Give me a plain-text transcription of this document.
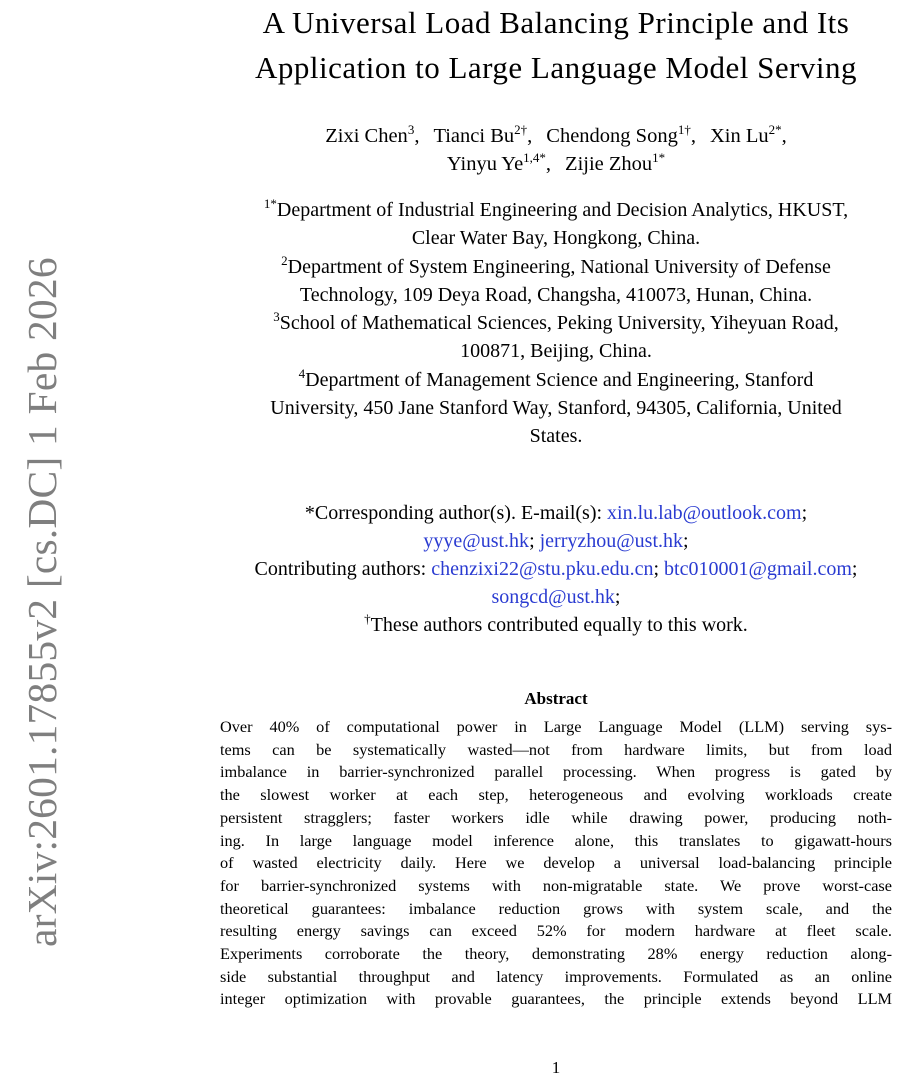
arXiv:2601.17855v2 [cs.DC] 1 Feb 2026
A Universal Load Balancing Principle and Its
Application to Large Language Model Serving
Zixi Chen$^3$, Tianci $Bu^{2\dagger}$, Chendong Song$^{1\dagger}$, Xin $Lu^{2*}$,
Yinyu $Ye^{1,4*}$, Zijie Zhou$^{1*}$
$^{1*}$Department of Industrial Engineering and Decision Analytics, HKUST,
Clear Water Bay, Hongkong, China.
$^2$Department of System Engineering, National University of Defense
Technology, 109 Deya Road, Changsha, 410073, Hunan, China.
$^3$School of Mathematical Sciences, Peking University, Yiheyuan Road,
100871, Beijing, China.
$^4$Department of Management Science and Engineering, Stanford
University, 450 Jane Stanford Way, Stanford, 94305, California, United
States.
*Corresponding author(s). E-mail(s): xin.lu.lab@outlook.com;
yyye@ust.hk; jerryzhou@ust.hk;
Contributing authors: chenzixi22@stu.pku.edu.cn; btc010001@gmail.com;
songcd@ust.hk;
†These authors contributed equally to this work.
Abstract
Over 40% of computational power in Large Language Model (LLM) serving sys-
tems can be systematically wasted—not from hardware limits, but from load
imbalance in barrier-synchronized parallel processing. When progress is gated by
the slowest worker at each step, heterogeneous and evolving workloads create
persistent stragglers; faster workers idle while drawing power, producing noth-
ing. In large language model inference alone, this translates to gigawatt-hours
of wasted electricity daily. Here we develop a universal load-balancing principle
for barrier-synchronized systems with non-migratable state. We prove worst-case
theoretical guarantees: imbalance reduction grows with system scale, and the
resulting energy savings can exceed 52% for modern hardware at fleet scale.
Experiments corroborate the theory, demonstrating 28% energy reduction along-
side substantial throughput and latency improvements. Formulated as an online
integer optimization with provable guarantees, the principle extends beyond LLM
1
